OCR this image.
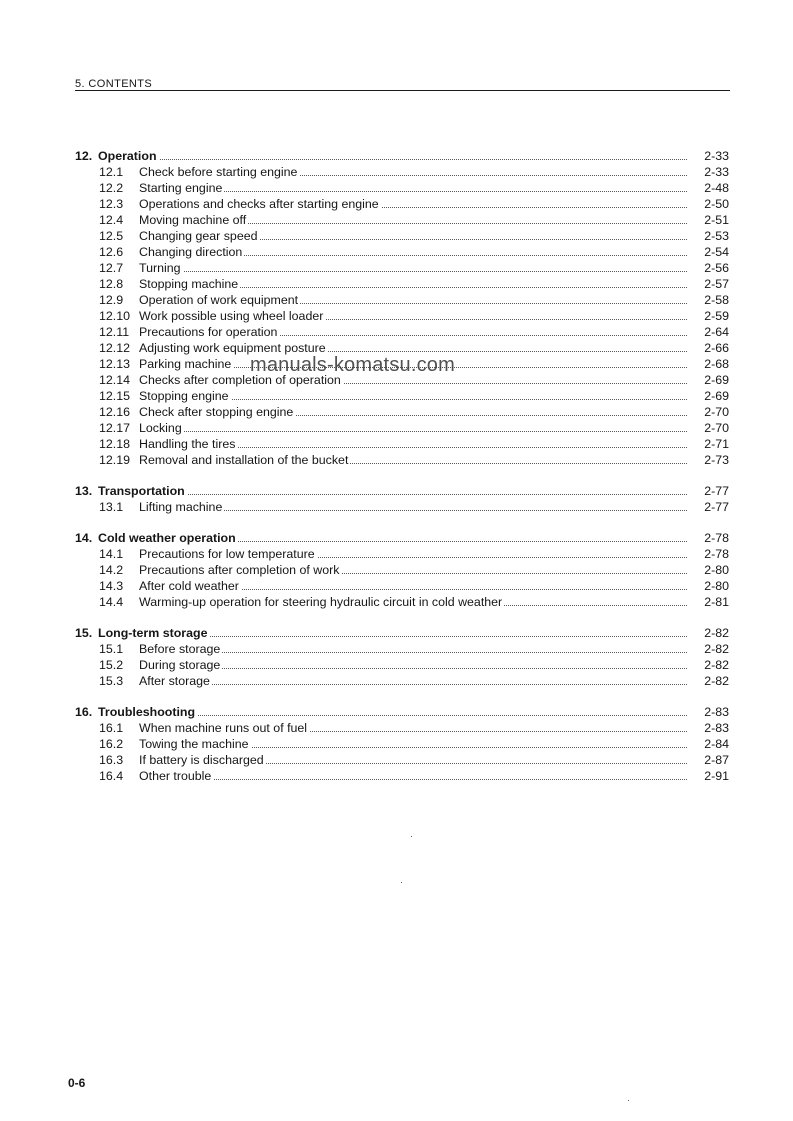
5. CONTENTS
12. Operation	2-33
12.1 Check before starting engine	2-33
12.2 Starting engine	2-48
12.3 Operations and checks after starting engine	2-50
12.4 Moving machine off	2-51
12.5 Changing gear speed	2-53
12.6 Changing direction	2-54
12.7 Turning	2-56
12.8 Stopping machine	2-57
12.9 Operation of work equipment	2-58
12.10 Work possible using wheel loader	2-59
12.11 Precautions for operation	2-64
12.12 Adjusting work equipment posture	2-66
12.13 Parking machine	2-68
12.14 Checks after completion of operation	2-69
12.15 Stopping engine	2-69
12.16 Check after stopping engine	2-70
12.17 Locking	2-70
12.18 Handling the tires	2-71
12.19 Removal and installation of the bucket	2-73
13. Transportation	2-77
13.1 Lifting machine	2-77
14. Cold weather operation	2-78
14.1 Precautions for low temperature	2-78
14.2 Precautions after completion of work	2-80
14.3 After cold weather	2-80
14.4 Warming-up operation for steering hydraulic circuit in cold weather	2-81
15. Long-term storage	2-82
15.1 Before storage	2-82
15.2 During storage	2-82
15.3 After storage	2-82
16. Troubleshooting	2-83
16.1 When machine runs out of fuel	2-83
16.2 Towing the machine	2-84
16.3 If battery is discharged	2-87
16.4 Other trouble	2-91
manuals-komatsu.com
0-6
